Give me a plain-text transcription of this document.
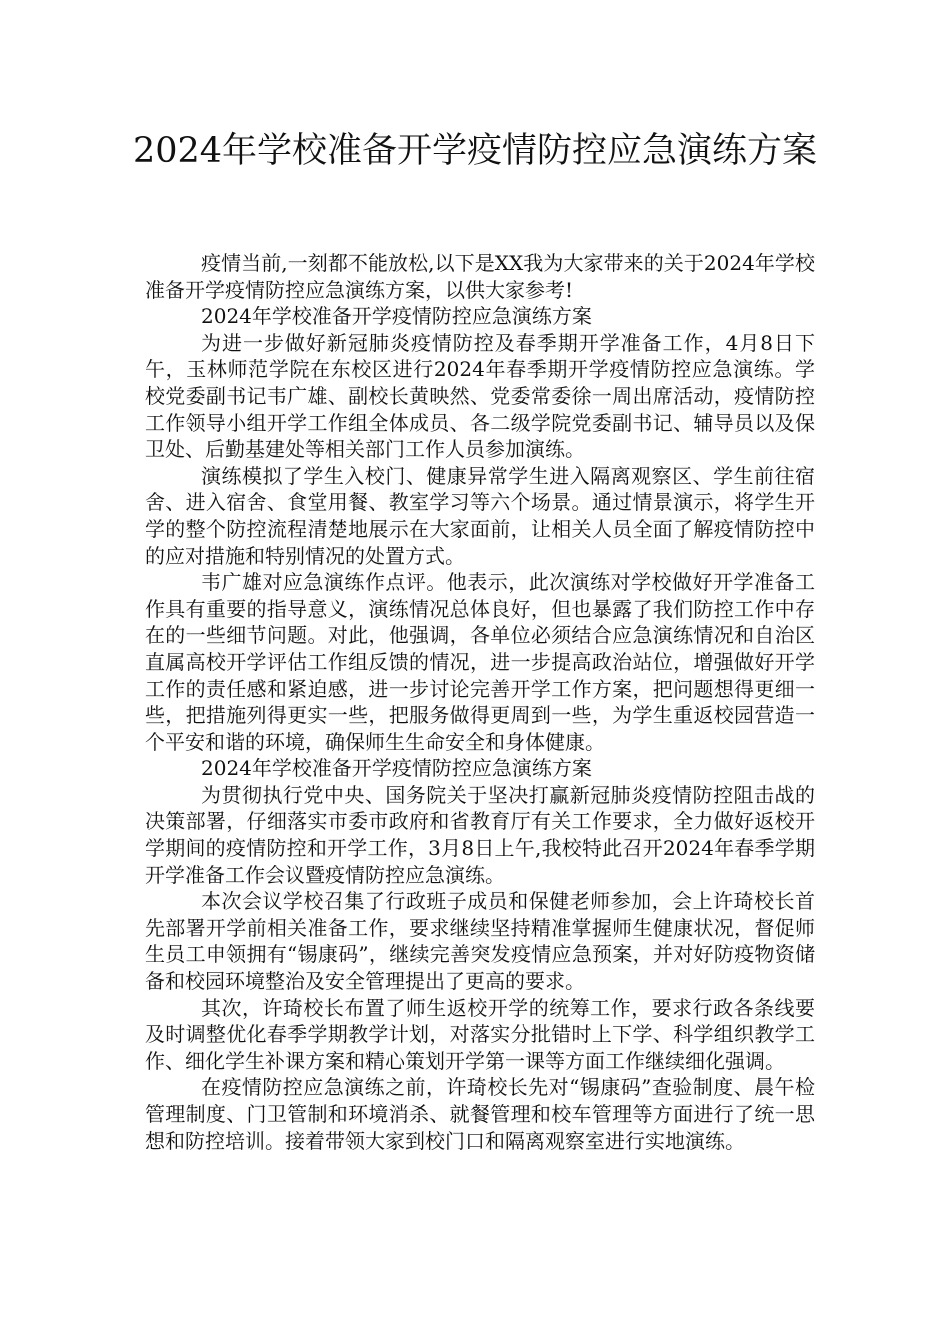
2024年学校准备开学疫情防控应急演练方案

疫情当前,一刻都不能放松,以下是XX我为大家带来的关于2024年学校准备开学疫情防控应急演练方案，以供大家参考!

2024年学校准备开学疫情防控应急演练方案

为进一步做好新冠肺炎疫情防控及春季期开学准备工作，4月8日下午，玉林师范学院在东校区进行2024年春季期开学疫情防控应急演练。学校党委副书记韦广雄、副校长黄映然、党委常委徐一周出席活动，疫情防控工作领导小组开学工作组全体成员、各二级学院党委副书记、辅导员以及保卫处、后勤基建处等相关部门工作人员参加演练。

演练模拟了学生入校门、健康异常学生进入隔离观察区、学生前往宿舍、进入宿舍、食堂用餐、教室学习等六个场景。通过情景演示，将学生开学的整个防控流程清楚地展示在大家面前，让相关人员全面了解疫情防控中的应对措施和特别情况的处置方式。

韦广雄对应急演练作点评。他表示，此次演练对学校做好开学准备工作具有重要的指导意义，演练情况总体良好，但也暴露了我们防控工作中存在的一些细节问题。对此，他强调，各单位必须结合应急演练情况和自治区直属高校开学评估工作组反馈的情况，进一步提高政治站位，增强做好开学工作的责任感和紧迫感，进一步讨论完善开学工作方案，把问题想得更细一些，把措施列得更实一些，把服务做得更周到一些，为学生重返校园营造一个平安和谐的环境，确保师生生命安全和身体健康。

2024年学校准备开学疫情防控应急演练方案

为贯彻执行党中央、国务院关于坚决打赢新冠肺炎疫情防控阻击战的决策部署，仔细落实市委市政府和省教育厅有关工作要求，全力做好返校开学期间的疫情防控和开学工作，3月8日上午,我校特此召开2024年春季学期开学准备工作会议暨疫情防控应急演练。

本次会议学校召集了行政班子成员和保健老师参加，会上许琦校长首先部署开学前相关准备工作，要求继续坚持精准掌握师生健康状况，督促师生员工申领拥有“锡康码”，继续完善突发疫情应急预案，并对好防疫物资储备和校园环境整治及安全管理提出了更高的要求。

其次，许琦校长布置了师生返校开学的统筹工作，要求行政各条线要及时调整优化春季学期教学计划，对落实分批错时上下学、科学组织教学工作、细化学生补课方案和精心策划开学第一课等方面工作继续细化强调。

在疫情防控应急演练之前，许琦校长先对“锡康码”查验制度、晨午检管理制度、门卫管制和环境消杀、就餐管理和校车管理等方面进行了统一思想和防控培训。接着带领大家到校门口和隔离观察室进行实地演练。
